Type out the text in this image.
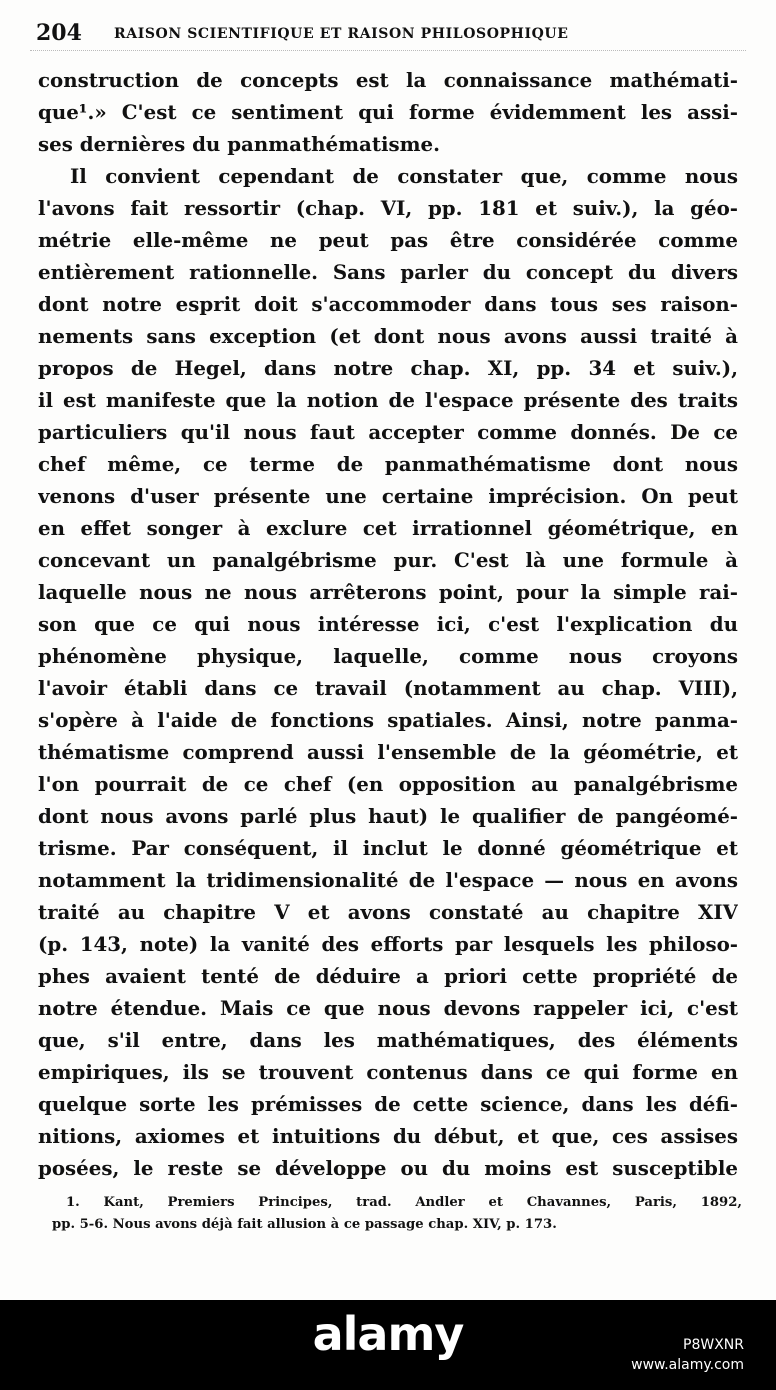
204 RAISON SCIENTIFIQUE ET RAISON PHILOSOPHIQUE
construction de concepts est la connaissance mathémati-
que¹.» C'est ce sentiment qui forme évidemment les assi-
ses dernières du panmathématisme.
Il convient cependant de constater que, comme nous
l'avons fait ressortir (chap. VI, pp. 181 et suiv.), la géo-
métrie elle-même ne peut pas être considérée comme
entièrement rationnelle. Sans parler du concept du divers
dont notre esprit doit s'accommoder dans tous ses raison-
nements sans exception (et dont nous avons aussi traité à
propos de Hegel, dans notre chap. XI, pp. 34 et suiv.),
il est manifeste que la notion de l'espace présente des traits
particuliers qu'il nous faut accepter comme donnés. De ce
chef même, ce terme de panmathématisme dont nous
venons d'user présente une certaine imprécision. On peut
en effet songer à exclure cet irrationnel géométrique, en
concevant un panalgébrisme pur. C'est là une formule à
laquelle nous ne nous arrêterons point, pour la simple rai-
son que ce qui nous intéresse ici, c'est l'explication du
phénomène physique, laquelle, comme nous croyons
l'avoir établi dans ce travail (notamment au chap. VIII),
s'opère à l'aide de fonctions spatiales. Ainsi, notre panma-
thématisme comprend aussi l'ensemble de la géométrie, et
l'on pourrait de ce chef (en opposition au panalgébrisme
dont nous avons parlé plus haut) le qualifier de pangéomé-
trisme. Par conséquent, il inclut le donné géométrique et
notamment la tridimensionalité de l'espace — nous en avons
traité au chapitre V et avons constaté au chapitre XIV
(p. 143, note) la vanité des efforts par lesquels les philoso-
phes avaient tenté de déduire a priori cette propriété de
notre étendue. Mais ce que nous devons rappeler ici, c'est
que, s'il entre, dans les mathématiques, des éléments
empiriques, ils se trouvent contenus dans ce qui forme en
quelque sorte les prémisses de cette science, dans les défi-
nitions, axiomes et intuitions du début, et que, ces assises
posées, le reste se développe ou du moins est susceptible
1. Kant, Premiers Principes, trad. Andler et Chavannes, Paris, 1892,
pp. 5-6. Nous avons déjà fait allusion à ce passage chap. XIV, p. 173.
alamy	P8WXNR
www.alamy.com
